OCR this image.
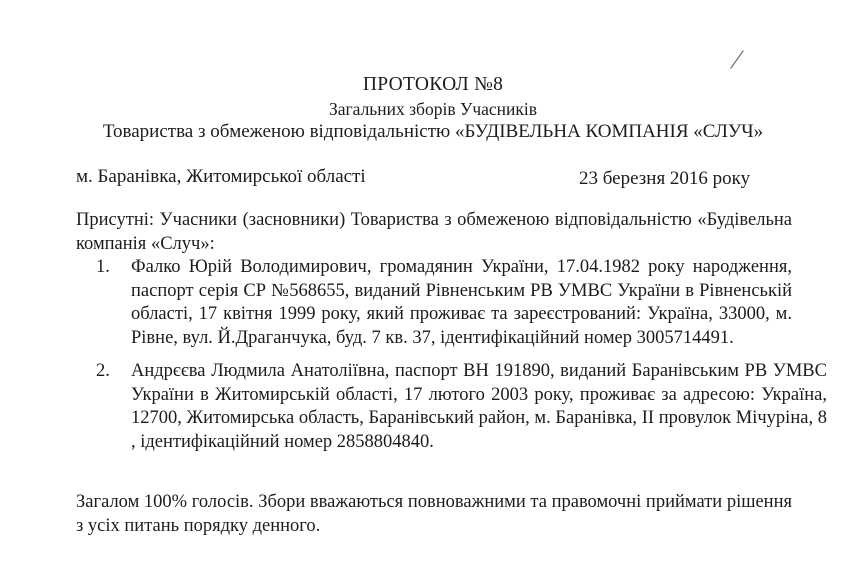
ПРОТОКОЛ №8
Загальних зборів Учасників
Товариства з обмеженою відповідальністю «БУДІВЕЛЬНА КОМПАНІЯ «СЛУЧ»
м. Баранівка, Житомирської області	23 березня 2016 року

Присутні: Учасники (засновники) Товариства з обмеженою відповідальністю «Будівельна компанія «Случ»:

1. Фалко Юрій Володимирович, громадянин України, 17.04.1982 року народження, паспорт серія СР №568655, виданий Рівненським РВ УМВС України в Рівненській області, 17 квітня 1999 року, який проживає та зареєстрований: Україна, 33000, м. Рівне, вул. Й.Драганчука, буд. 7 кв. 37, ідентифікаційний номер 3005714491.
2. Андрєєва Людмила Анатоліївна, паспорт ВН 191890, виданий Баранівським РВ УМВС України в Житомирській області, 17 лютого 2003 року, проживає за адресою: Україна, 12700, Житомирська область, Баранівський район, м. Баранівка, II провулок Мічуріна, 8 , ідентифікаційний номер 2858804840.

Загалом 100% голосів. Збори вважаються повноважними та правомочні приймати рішення з усіх питань порядку денного.
